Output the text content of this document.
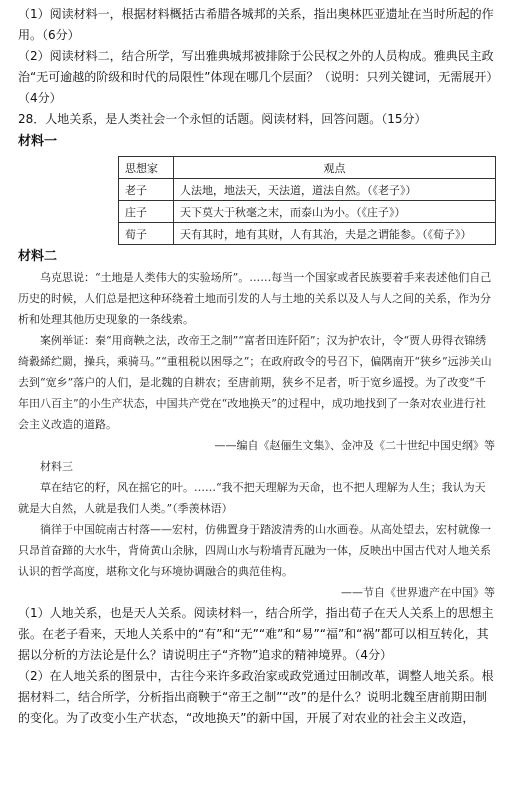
（1）阅读材料一，根据材料概括古希腊各城邦的关系，指出奥林匹亚遗址在当时所起的作用。（6分）

（2）阅读材料二，结合所学，写出雅典城邦被排除于公民权之外的人员构成。雅典民主政治“无可逾越的阶级和时代的局限性”体现在哪几个层面？（说明：只列关键词，无需展开）（4分）

28．人地关系，是人类社会一个永恒的话题。阅读材料，回答问题。（15分）

材料一
思想家	观点
老子	人法地，地法天，天法道，道法自然。（《老子》）
庄子	天下莫大于秋毫之末，而泰山为小。（《庄子》）
荀子	天有其时，地有其财，人有其治，夫是之谓能参。（《荀子》）
材料二

乌克思说：“土地是人类伟大的实验场所”。……每当一个国家或者民族要着手来表述他们自己历史的时候，人们总是把这种环绕着土地而引发的人与土地的关系以及人与人之间的关系，作为分析和处理其他历史现象的一条线索。

案例举证：秦“用商鞅之法，改帝王之制”“富者田连阡陌”；汉为护农计，令“贾人毋得衣锦绣绮縠絺纻罽，操兵，乘骑马。”“重租税以困辱之”；在政府政令的号召下，偏隅南开“狭乡”远涉关山去到“宽乡”落户的人们，是北魏的自耕农；至唐前期，狭乡不足者，听于宽乡遥授。为了改变“千年田八百主”的小生产状态，中国共产党在“改地换天”的过程中，成功地找到了一条对农业进行社会主义改造的道路。

——编自《赵俪生文集》、金冲及《二十世纪中国史纲》等

材料三

草在结它的籽，风在摇它的叶。……“我不把天理解为天命，也不把人理解为人生；我认为天就是大自然，人就是我们人类。”（季羡林语）

徜徉于中国皖南古村落——宏村，仿佛置身于踏波清秀的山水画卷。从高处望去，宏村就像一只昂首奋蹄的大水牛，背倚黄山余脉，四周山水与粉墙青瓦融为一体，反映出中国古代对人地关系认识的哲学高度，堪称文化与环境协调融合的典范佳构。

——节自《世界遗产在中国》等

（1）人地关系，也是天人关系。阅读材料一，结合所学，指出荀子在天人关系上的思想主张。在老子看来，天地人关系中的“有”和“无”“难”和“易”“福”和“祸”都可以相互转化，其据以分析的方法论是什么？请说明庄子“齐物”追求的精神境界。（4分）

（2）在人地关系的图景中，古往今来许多政治家或政党通过田制改革，调整人地关系。根据材料二，结合所学，分析指出商鞅于“帝王之制”“改”的是什么？说明北魏至唐前期田制的变化。为了改变小生产状态，“改地换天”的新中国，开展了对农业的社会主义改造，
